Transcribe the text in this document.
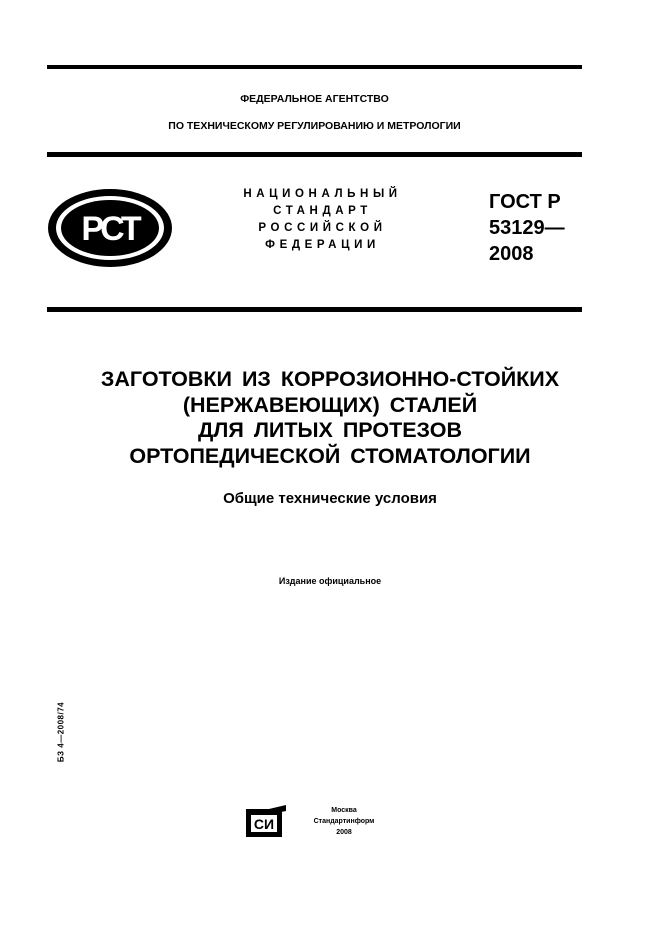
ФЕДЕРАЛЬНОЕ АГЕНТСТВО
ПО ТЕХНИЧЕСКОМУ РЕГУЛИРОВАНИЮ И МЕТРОЛОГИИ
РСТ
НАЦИОНАЛЬНЫЙ
СТАНДАРТ
РОССИЙСКОЙ
ФЕДЕРАЦИИ
ГОСТ Р
53129—
2008
ЗАГОТОВКИ ИЗ КОРРОЗИОННО-СТОЙКИХ
(НЕРЖАВЕЮЩИХ) СТАЛЕЙ
ДЛЯ ЛИТЫХ ПРОТЕЗОВ
ОРТОПЕДИЧЕСКОЙ СТОМАТОЛОГИИ
Общие технические условия
Издание официальное
БЗ 4—2008/74
СИ
Москва
Стандартинформ
2008
